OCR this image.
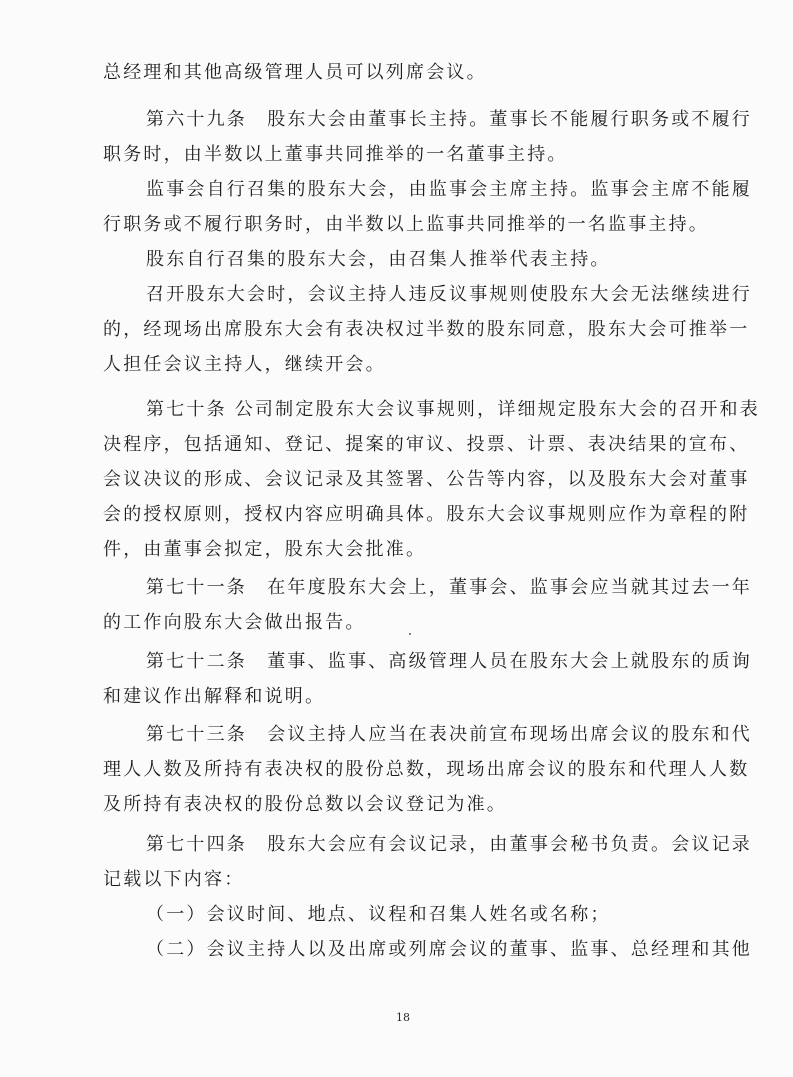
总经理和其他高级管理人员可以列席会议。
第六十九条　股东大会由董事长主持。董事长不能履行职务或不履行
职务时，由半数以上董事共同推举的一名董事主持。
监事会自行召集的股东大会，由监事会主席主持。监事会主席不能履
行职务或不履行职务时，由半数以上监事共同推举的一名监事主持。
股东自行召集的股东大会，由召集人推举代表主持。
召开股东大会时，会议主持人违反议事规则使股东大会无法继续进行
的，经现场出席股东大会有表决权过半数的股东同意，股东大会可推举一
人担任会议主持人，继续开会。
第七十条 公司制定股东大会议事规则，详细规定股东大会的召开和表
决程序，包括通知、登记、提案的审议、投票、计票、表决结果的宣布、
会议决议的形成、会议记录及其签署、公告等内容，以及股东大会对董事
会的授权原则，授权内容应明确具体。股东大会议事规则应作为章程的附
件，由董事会拟定，股东大会批准。
第七十一条　在年度股东大会上，董事会、监事会应当就其过去一年
的工作向股东大会做出报告。
第七十二条　董事、监事、高级管理人员在股东大会上就股东的质询
和建议作出解释和说明。
第七十三条　会议主持人应当在表决前宣布现场出席会议的股东和代
理人人数及所持有表决权的股份总数，现场出席会议的股东和代理人人数
及所持有表决权的股份总数以会议登记为准。
第七十四条　股东大会应有会议记录，由董事会秘书负责。会议记录
记载以下内容：
（一）会议时间、地点、议程和召集人姓名或名称；
（二）会议主持人以及出席或列席会议的董事、监事、总经理和其他
18
